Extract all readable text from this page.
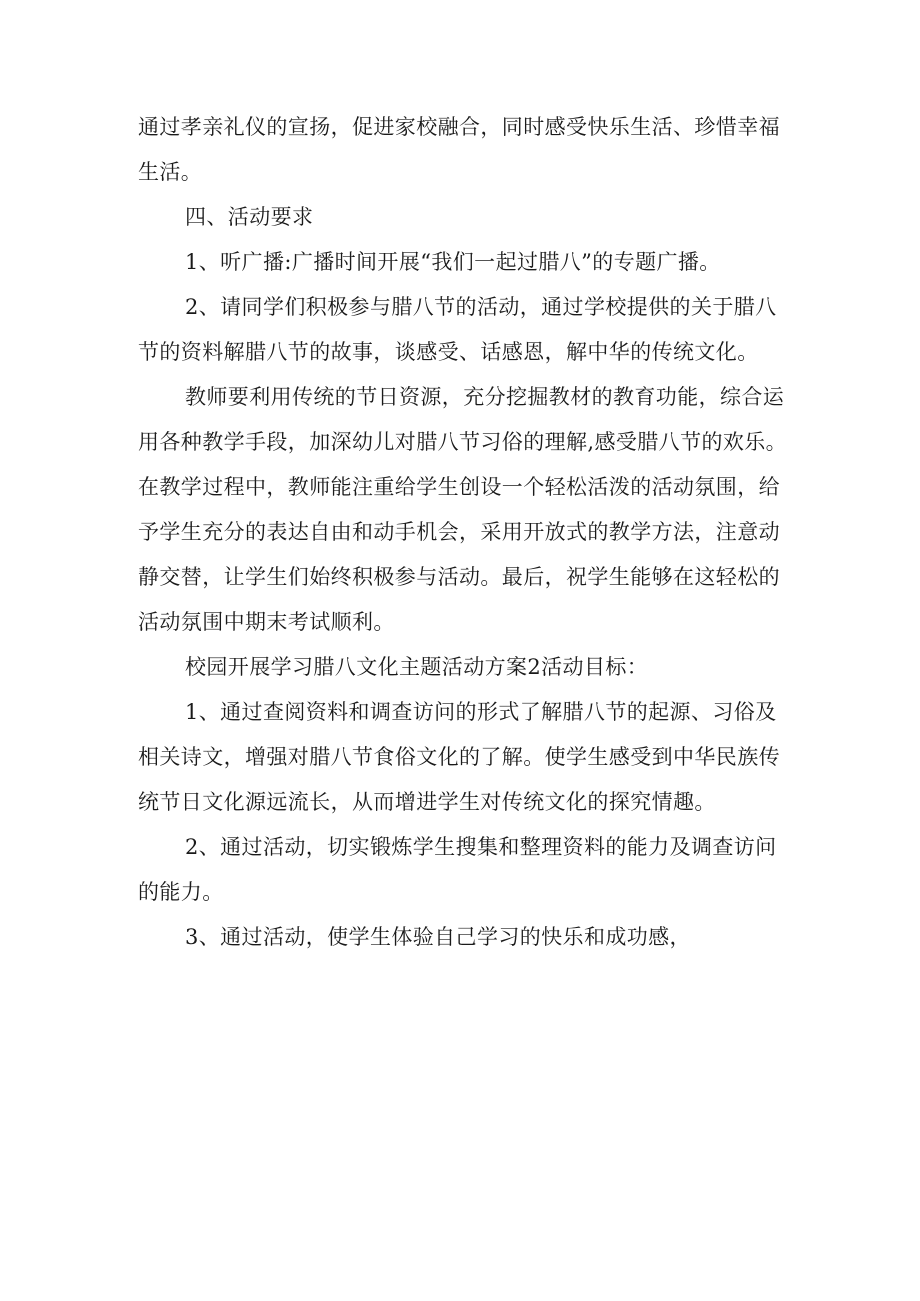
通过孝亲礼仪的宣扬，促进家校融合，同时感受快乐生活、珍惜幸福
生活。
四、活动要求
1、听广播:广播时间开展“我们一起过腊八”的专题广播。
2、请同学们积极参与腊八节的活动，通过学校提供的关于腊八
节的资料解腊八节的故事，谈感受、话感恩，解中华的传统文化。
教师要利用传统的节日资源，充分挖掘教材的教育功能，综合运
用各种教学手段，加深幼儿对腊八节习俗的理解,感受腊八节的欢乐。
在教学过程中，教师能注重给学生创设一个轻松活泼的活动氛围，给
予学生充分的表达自由和动手机会，采用开放式的教学方法，注意动
静交替，让学生们始终积极参与活动。最后，祝学生能够在这轻松的
活动氛围中期末考试顺利。
校园开展学习腊八文化主题活动方案2活动目标：
1、通过查阅资料和调查访问的形式了解腊八节的起源、习俗及
相关诗文，增强对腊八节食俗文化的了解。使学生感受到中华民族传
统节日文化源远流长，从而增进学生对传统文化的探究情趣。
2、通过活动，切实锻炼学生搜集和整理资料的能力及调查访问
的能力。
3、通过活动，使学生体验自己学习的快乐和成功感，
